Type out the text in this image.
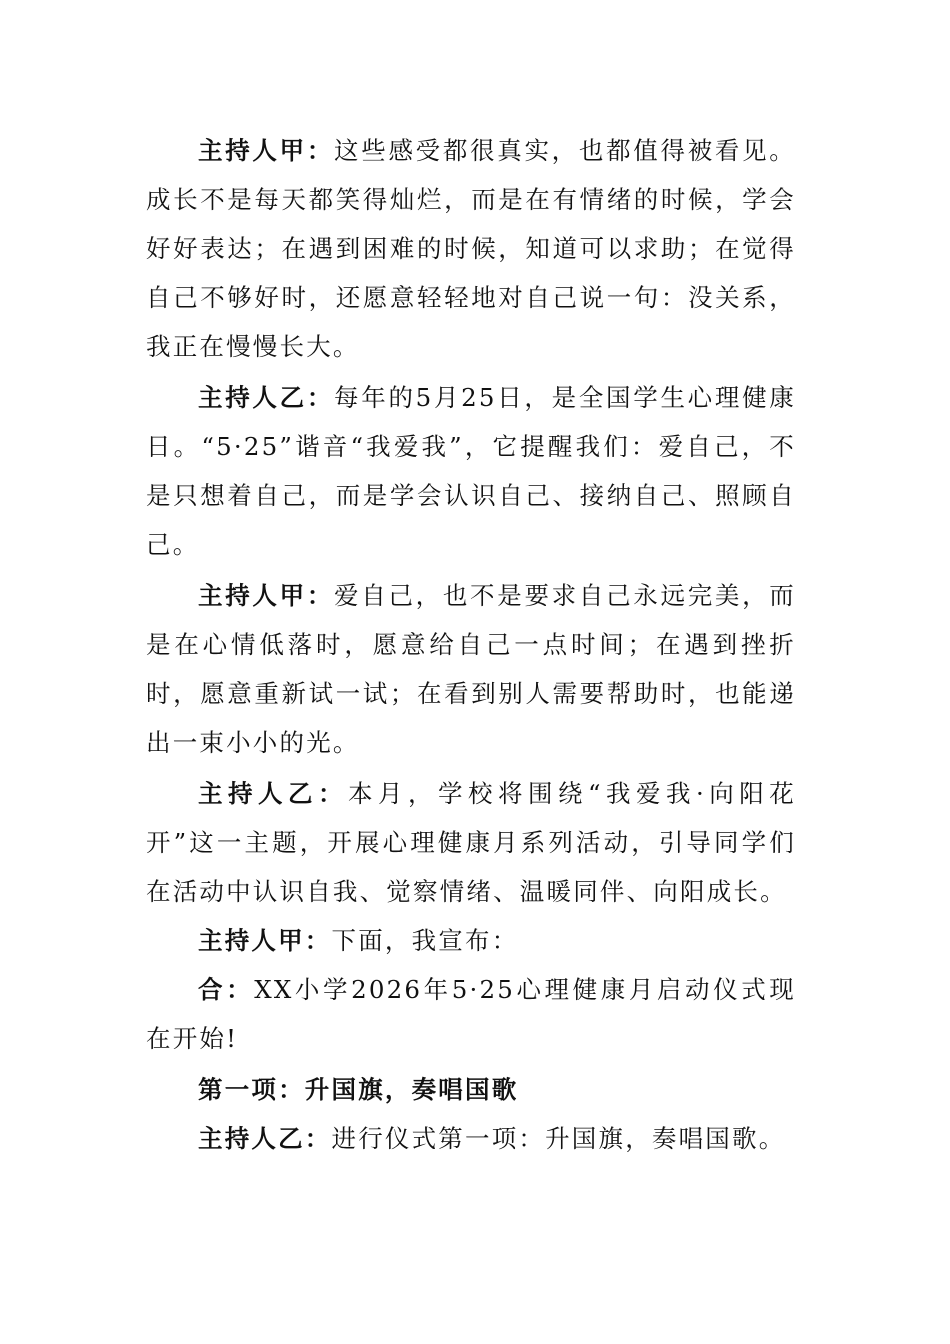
主持人甲：这些感受都很真实，也都值得被看见。成长不是每天都笑得灿烂，而是在有情绪的时候，学会好好表达；在遇到困难的时候，知道可以求助；在觉得自己不够好时，还愿意轻轻地对自己说一句：没关系，我正在慢慢长大。

主持人乙：每年的5月25日，是全国学生心理健康日。“5·25”谐音“我爱我”，它提醒我们：爱自己，不是只想着自己，而是学会认识自己、接纳自己、照顾自己。

主持人甲：爱自己，也不是要求自己永远完美，而是在心情低落时，愿意给自己一点时间；在遇到挫折时，愿意重新试一试；在看到别人需要帮助时，也能递出一束小小的光。

主持人乙：本月，学校将围绕“我爱我·向阳花开”这一主题，开展心理健康月系列活动，引导同学们在活动中认识自我、觉察情绪、温暖同伴、向阳成长。

主持人甲：下面，我宣布：

合：XX小学2026年5·25心理健康月启动仪式现在开始!

第一项：升国旗，奏唱国歌

主持人乙：进行仪式第一项：升国旗，奏唱国歌。
